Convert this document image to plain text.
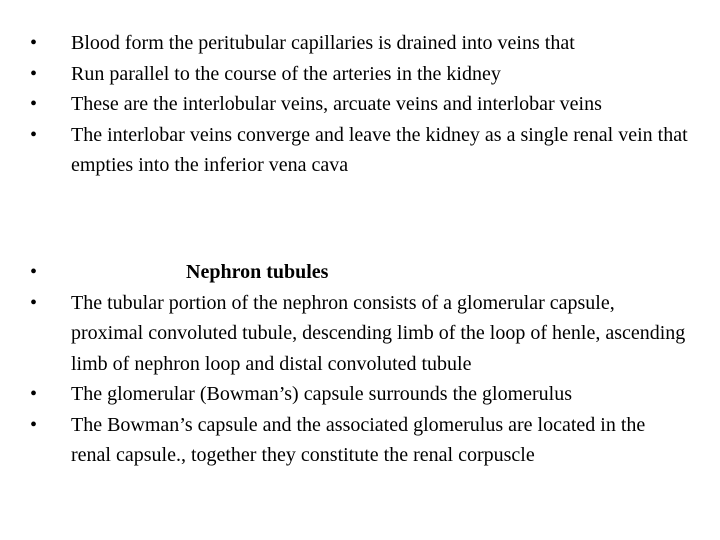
•	Blood form the peritubular capillaries is drained into veins that
•	Run parallel to the course of the arteries in the kidney
•	These are the interlobular veins, arcuate veins and interlobar veins
•	The interlobar veins converge and leave the kidney as a single renal vein that empties into the inferior vena cava
•	Nephron tubules
•	The tubular portion of the nephron consists of a glomerular capsule, proximal convoluted tubule, descending limb of the loop of henle, ascending limb of nephron loop and distal convoluted tubule
•	The glomerular (Bowman’s) capsule surrounds the glomerulus
•	The Bowman’s capsule and the associated glomerulus are located in the renal capsule., together they constitute the renal corpuscle
